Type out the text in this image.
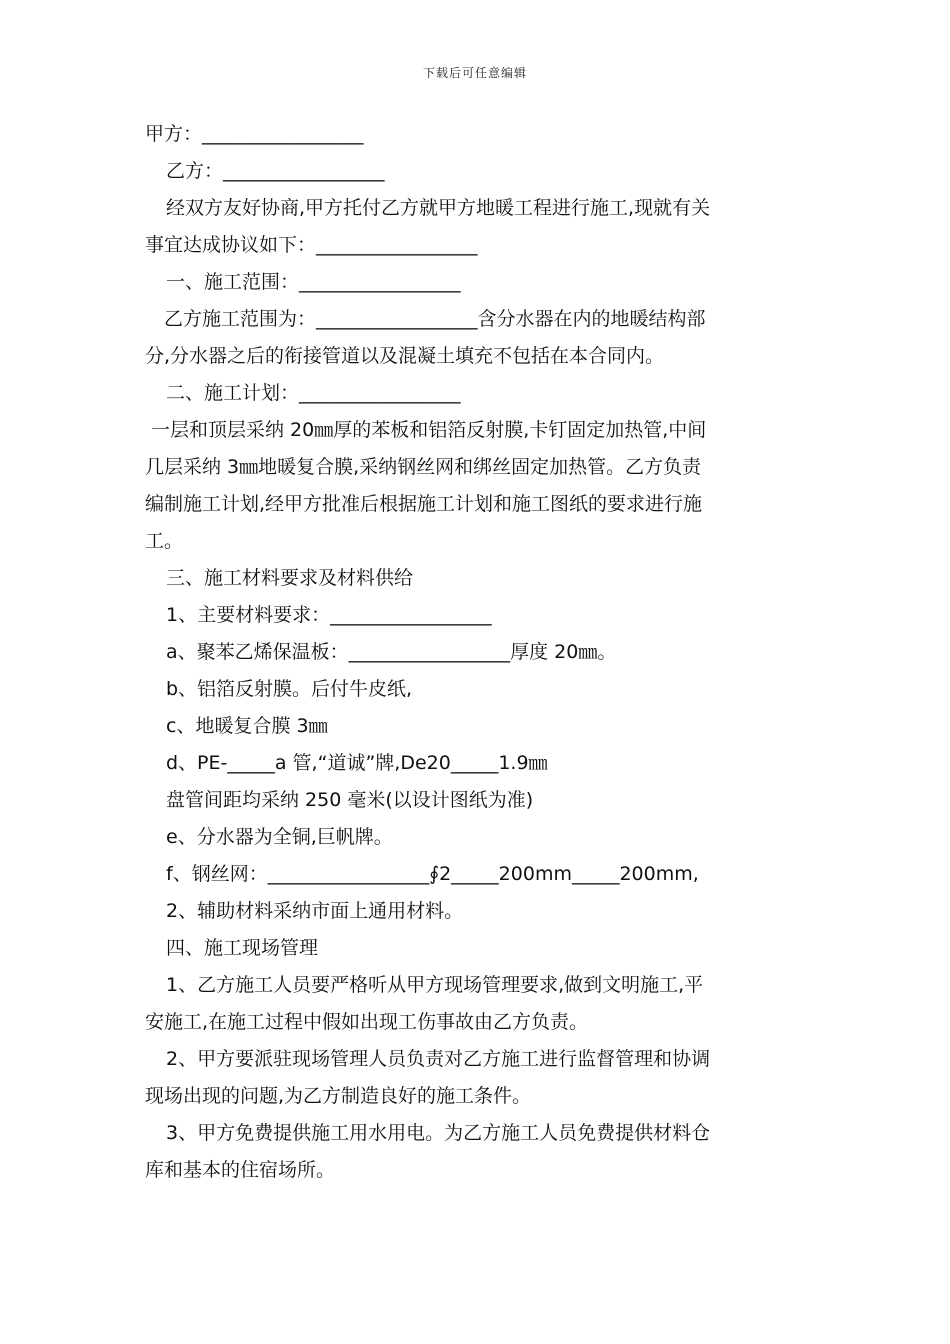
下载后可任意编辑
甲方：_________________
乙方：_________________
经双方友好协商,甲方托付乙方就甲方地暖工程进行施工,现就有关
事宜达成协议如下：_________________
一、施工范围：_________________
乙方施工范围为：_________________含分水器在内的地暖结构部
分,分水器之后的衔接管道以及混凝土填充不包括在本合同内。
二、施工计划：_________________
一层和顶层采纳 20㎜厚的苯板和铝箔反射膜,卡钉固定加热管,中间
几层采纳 3㎜地暖复合膜,采纳钢丝网和绑丝固定加热管。乙方负责
编制施工计划,经甲方批准后根据施工计划和施工图纸的要求进行施
工。
三、施工材料要求及材料供给
1、主要材料要求：_________________
a、聚苯乙烯保温板：_________________厚度 20㎜。
b、铝箔反射膜。后付牛皮纸,
c、地暖复合膜 3㎜
d、PE-_____a 管,“道诚”牌,De20_____1.9㎜
盘管间距均采纳 250 毫米(以设计图纸为准)
e、分水器为全铜,巨帆牌。
f、钢丝网：_________________∮2_____200mm_____200mm,
2、辅助材料采纳市面上通用材料。
四、施工现场管理
1、乙方施工人员要严格听从甲方现场管理要求,做到文明施工,平
安施工,在施工过程中假如出现工伤事故由乙方负责。
2、甲方要派驻现场管理人员负责对乙方施工进行监督管理和协调
现场出现的问题,为乙方制造良好的施工条件。
3、甲方免费提供施工用水用电。为乙方施工人员免费提供材料仓
库和基本的住宿场所。
